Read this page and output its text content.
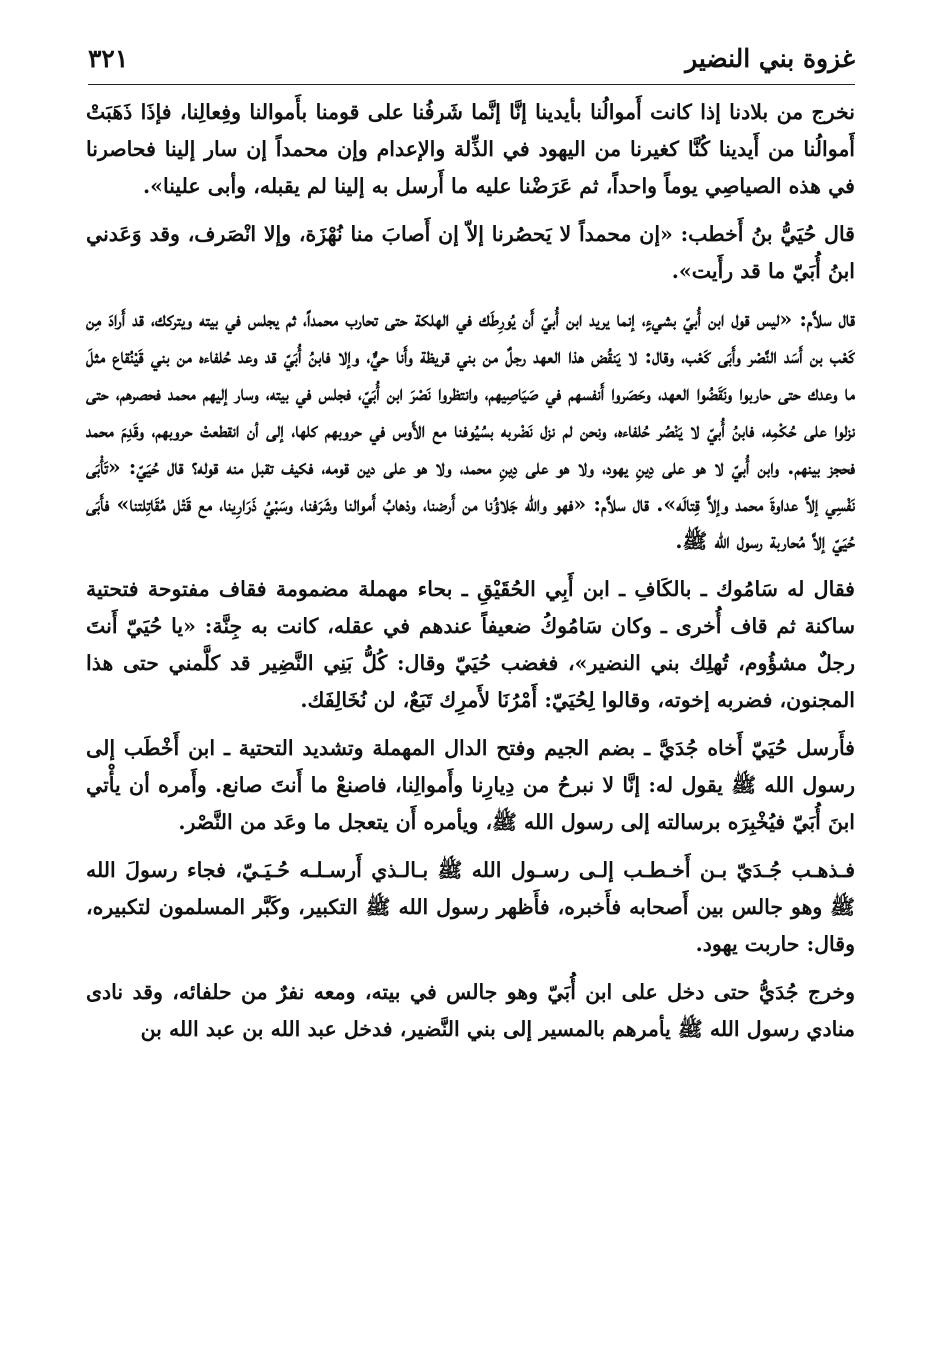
غزوة بني النضير
٣٢١

نخرج من بلادنا إذا كانت أَموالُنا بأيدينا إنَّا إنَّما شَرفُنا على قومنا بأَموالنا وفِعالِنا، فإذَا ذَهَبَتْ أَموالُنا من أَيدينا كُنَّا كغيرنا من اليهود في الذِّلة والإعدام وإن محمداً إن سار إلينا فحاصرنا في هذه الصياصِي يوماً واحداً، ثم عَرَضْنا عليه ما أَرسل به إلينا لم يقبله، وأبى علينا».

قال حُيَيُّ بنُ أَخطب: «إن محمداً لا يَحصُرنا إلاّ إن أَصابَ منا نُهْزَة، وإلا انْصَرف، وقد وَعَدني ابنُ أُبَيّ ما قد رأَيت».

قال سلاَّم: «ليس قول ابن أُبيّ بشيءٍ، إنما يريد ابن أُبيّ أَن يُورِطَك في الهلكة حتى تحارب محمداً، ثم يجلس في بيته ويتركك، قد أَرادَ مِن كَعْب بن أَسَد النَّصْر وأَبَى كَعْب، وقال: لا يَنقُض هذا العهد رجلٌ من بني قريظة وأَنا حيٌّ، وإلا فابنُ أُبَيّ قد وعد حُلفاءه من بني قَيْنُقاع مثلَ ما وعدك حتى حاربوا ونَقَضُوا العهد، وحَصَروا أَنفسهم في صَيَاصِيهم، وانتظروا نَصْرَ ابن أُبَيّ، فجلس في بيته، وسار إليهم محمد فحصرهم، حتى نزلوا على حُكْمِه، فابنُ أُبيّ لا يَنْصُر حُلفاءه، ونحن لم نزل نَضْربه بسُيُوفنا مع الأَوس في حروبهم كلها، إلى أن انقطعتْ حروبهم، وقَدِمَ محمد فحجز بينهم. وابن أُبيّ لا هو على دِينِ يهود، ولا هو على دِينِ محمد، ولا هو على دين قومه، فكيف تقبل منه قوله؟ قال حُيَيّ: «تَأْبَى نَفْسِي إلاَّ عداوةَ محمد وإلاَّ قِتالَه». قال سلاَّم: «فهو والله جَلاؤُنا من أَرضنا، وذهابُ أَموالنا وشَرَفنا، وسَبْيُ ذَرَارِينا، مع قَتْل مُقَاتِلتنا» فأَبَى حُيَيّ إلاَّ مُحاربة رسول الله ﷺ.

فقال له سَامُوك ـ بالكَافِ ـ ابن أَبِي الحُقَيْقِ ـ بحاء مهملة مضمومة فقاف مفتوحة فتحتية ساكنة ثم قاف أُخرى ـ وكان سَامُوكُ ضعيفاً عندهم في عقله، كانت به جِنَّة: «يا حُيَيّ أَنتَ رجلٌ مشؤُوم، تُهلِك بني النضير»، فغضب حُيَيّ وقال: كُلُّ بَنِي النَّضِير قد كلَّمني حتى هذا المجنون، فضربه إخوته، وقالوا لِحُيَيّ: أَمْرُنَا لأَمرِك تَبَعٌ، لن نُخَالِفَك.

فأَرسل حُيَيّ أَخاه جُدَيَّ ـ بضم الجيم وفتح الدال المهملة وتشديد التحتية ـ ابن أَخْطَب إلى رسول الله ﷺ يقول له: إنَّا لا نبرحُ من دِيارِنا وأَموالِنا، فاصنعْ ما أَنتَ صانع. وأَمره أن يأْتي ابنَ أُبَيّ فيُخْبِرَه برسالته إلى رسول الله ﷺ، ويأمره أَن يتعجل ما وعَد من النَّصْر.

فـذهـب جُـدَيّ بـن أَخـطـب إلـى رسـول الله ﷺ بـالـذي أَرسـلـه حُـيَـيّ، فجاء رسولَ الله ﷺ وهو جالس بين أَصحابه فأَخبره، فأَظهر رسول الله ﷺ التكبير، وكَبَّر المسلمون لتكبيره، وقال: حاربت يهود.

وخرج جُدَيُّ حتى دخل على ابن أُبَيّ وهو جالس في بيته، ومعه نفرٌ من حلفائه، وقد نادى منادي رسول الله ﷺ يأمرهم بالمسير إلى بني النَّضير، فدخل عبد الله بن عبد الله بن
